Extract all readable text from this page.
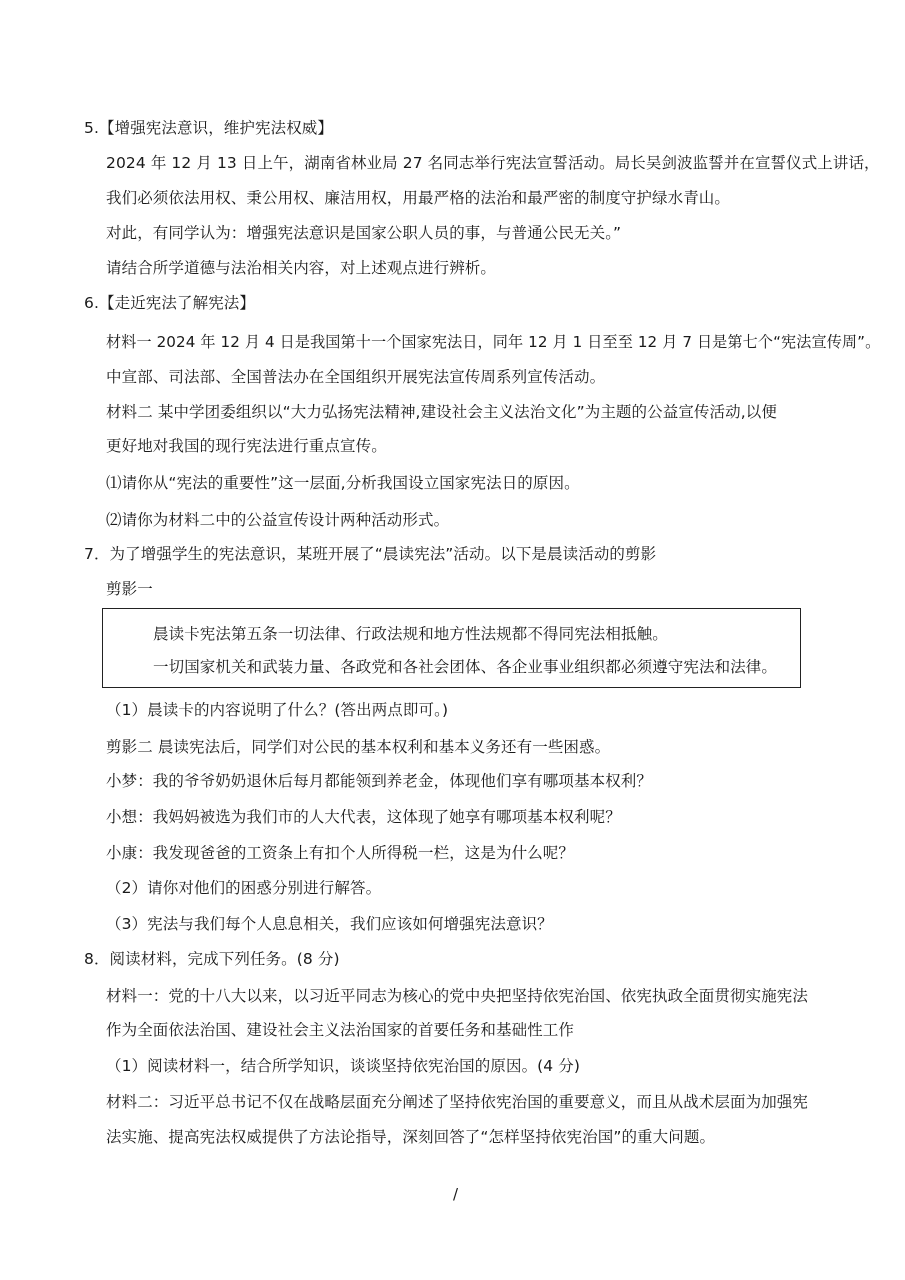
5.【增强宪法意识，维护宪法权威】
2024 年 12 月 13 日上午，湖南省林业局 27 名同志举行宪法宣誓活动。局长吴剑波监誓并在宣誓仪式上讲话，
我们必须依法用权、秉公用权、廉洁用权，用最严格的法治和最严密的制度守护绿水青山。
对此，有同学认为：增强宪法意识是国家公职人员的事，与普通公民无关。”
请结合所学道德与法治相关内容，对上述观点进行辨析。
6.【走近宪法了解宪法】
材料一 2024 年 12 月 4 日是我国第十一个国家宪法日，同年 12 月 1 日至至 12 月 7 日是第七个“宪法宣传周”。
中宣部、司法部、全国普法办在全国组织开展宪法宣传周系列宣传活动。
材料二 某中学团委组织以“大力弘扬宪法精神,建设社会主义法治文化”为主题的公益宣传活动,以便
更好地对我国的现行宪法进行重点宣传。
⑴请你从“宪法的重要性”这一层面,分析我国设立国家宪法日的原因。
⑵请你为材料二中的公益宣传设计两种活动形式。
7．为了增强学生的宪法意识，某班开展了“晨读宪法”活动。以下是晨读活动的剪影
剪影一
晨读卡宪法第五条一切法律、行政法规和地方性法规都不得同宪法相抵触。
一切国家机关和武装力量、各政党和各社会团体、各企业事业组织都必须遵守宪法和法律。
（1）晨读卡的内容说明了什么？(答出两点即可。)
剪影二 晨读宪法后，同学们对公民的基本权利和基本义务还有一些困惑。
小梦：我的爷爷奶奶退休后每月都能领到养老金，体现他们享有哪项基本权利？
小想：我妈妈被选为我们市的人大代表，这体现了她享有哪项基本权利呢？
小康：我发现爸爸的工资条上有扣个人所得税一栏，这是为什么呢？
（2）请你对他们的困惑分别进行解答。
（3）宪法与我们每个人息息相关，我们应该如何增强宪法意识？
8．阅读材料，完成下列任务。(8 分)
材料一：党的十八大以来，以习近平同志为核心的党中央把坚持依宪治国、依宪执政全面贯彻实施宪法
作为全面依法治国、建设社会主义法治国家的首要任务和基础性工作
（1）阅读材料一，结合所学知识，谈谈坚持依宪治国的原因。(4 分)
材料二：习近平总书记不仅在战略层面充分阐述了坚持依宪治国的重要意义，而且从战术层面为加强宪
法实施、提高宪法权威提供了方法论指导，深刻回答了“怎样坚持依宪治国”的重大问题。
/
